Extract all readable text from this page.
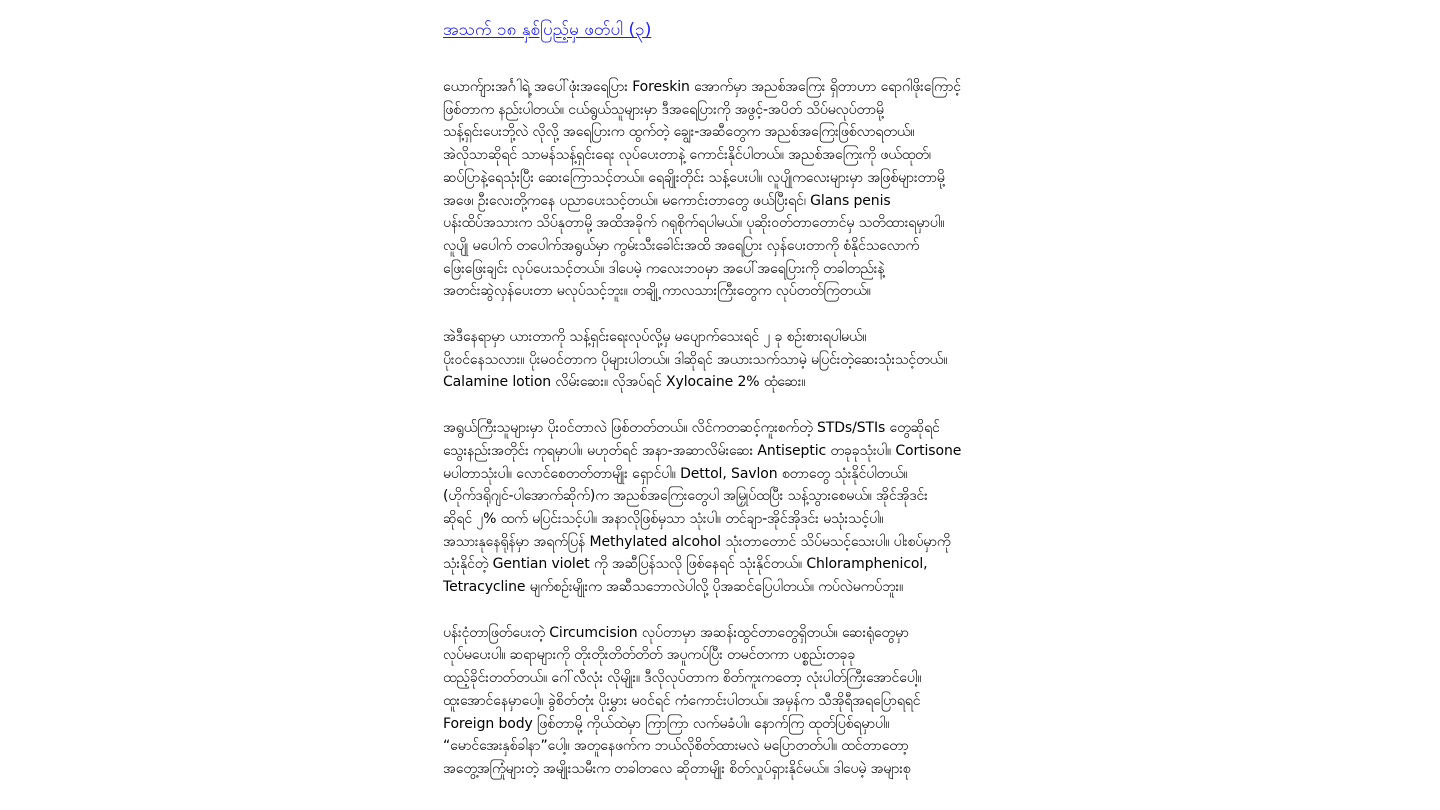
အသက် ၁၈ နှစ်ပြည့်မှ ဖတ်ပါ (၃)
ယောက်ျားအင်္ဂါရဲ့ အပေါ်ဖုံးအရေပြား Foreskin အောက်မှာ အညစ်အကြေး ရှိတာဟာ ရောဂါဖိုးကြောင့်
ဖြစ်တာက နည်းပါတယ်။ ငယ်ရွယ်သူများမှာ ဒီအရေပြားကို အဖွင့်-အပိတ် သိပ်မလုပ်တာမို့
သန့်ရှင်းပေးဘို့လဲ လိုလို့ အရေပြားက ထွက်တဲ့ ချွေး-အဆီတွေက အညစ်အကြေးဖြစ်လာရတယ်။
အဲလိုသာဆိုရင် သာမန်သန့်ရှင်းရေး လုပ်ပေးတာနဲ့ ကောင်းနိုင်ပါတယ်။ အညစ်အကြေးကို ဖယ်ထုတ်၊
ဆပ်ပြာနဲ့ရေသုံးပြီး ဆေးကြောသင့်တယ်။ ရေချိုးတိုင်း သန့်ပေးပါ။ လူပျိုကလေးများမှာ အဖြစ်များတာမို့
အဖေ၊ ဦးလေးတို့ကနေ ပညာပေးသင့်တယ်။ မကောင်းတာတွေ ဖယ်ပြီးရင်၊ Glans penis
ပန်းထိပ်အသားက သိပ်နုတာမို့ အထိအခိုက် ဂရုစိုက်ရပါမယ်။ ပုဆိုးဝတ်တာတောင်မှ သတိထားရမှာပါ။
လူပျို မပေါက် တပေါက်အရွယ်မှာ ကွမ်းသီးခေါင်းအထိ အရေပြား လှန်ပေးတာကို စံနိုင်သလောက်
ဖြေးဖြေးချင်း လုပ်ပေးသင့်တယ်။ ဒါပေမဲ့ ကလေးဘဝမှာ အပေါ်အရေပြားကို တခါတည်းနဲ့
အတင်းဆွဲလှန်ပေးတာ မလုပ်သင့်ဘူး။ တချို့ ကာလသားကြီးတွေက လုပ်တတ်ကြတယ်။
အဲဒီနေရာမှာ ယားတာကို သန့်ရှင်းရေးလုပ်လို့မှ မပျောက်သေးရင် ၂ ခု စဉ်းစားရပါမယ်။
ပိုးဝင်နေသလား။ ပိုးမဝင်တာက ပိုများပါတယ်။ ဒါဆိုရင် အယားသက်သာမဲ့ မပြင်းတဲ့ဆေးသုံးသင့်တယ်။
Calamine lotion လိမ်းဆေး။ လိုအပ်ရင် Xylocaine 2% ထုံဆေး။
အရွယ်ကြီးသူများမှာ ပိုးဝင်တာလဲ ဖြစ်တတ်တယ်။ လိင်ကတဆင့်ကူးစက်တဲ့ STDs/STIs တွေဆိုရင်
သွေးနည်းအတိုင်း ကုရမှာပါ။ မဟုတ်ရင် အနာ-အဆာလိမ်းဆေး Antiseptic တခုခုသုံးပါ။ Cortisone
မပါတာသုံးပါ။ လောင်စေတတ်တာမျိုး ရှောင်ပါ။ Dettol, Savlon စတာတွေ သုံးနိုင်ပါတယ်။
(ဟိုက်ဒရိုဂျင်-ပါအောက်ဆိုက်)က အညစ်အကြေးတွေပါ အမြှုပ်ထပြီး သန့်သွားစေမယ်။ အိုင်အိုဒင်း
ဆိုရင် ၂% ထက် မပြင်းသင့်ပါ။ အနာလိုဖြစ်မှသာ သုံးပါ။ တင်ချာ-အိုင်အိုဒင်း မသုံးသင့်ပါ။
အသားနုနေရိုန်မှာ အရက်ပြန် Methylated alcohol သုံးတာတောင် သိပ်မသင့်သေးပါ။ ပါးစပ်မှာကို
သုံးနိုင်တဲ့ Gentian violet ကို အဆီပြန်သလို ဖြစ်နေရင် သုံးနိုင်တယ်။ Chloramphenicol,
Tetracycline မျက်စဉ်းမျိုးက အဆီသဘောလဲပါလို့ ပိုအဆင်ပြေပါတယ်။ ကပ်လဲမကပ်ဘူး။
ပန်းငုံတာဖြတ်ပေးတဲ့ Circumcision လုပ်တာမှာ အဆန်းထွင်တာတွေရှိတယ်။ ဆေးရုံတွေမှာ
လုပ်မပေးပါ။ ဆရာများကို တိုးတိုးတိတ်တိတ် အပူကပ်ပြီး တမင်တကာ ပစ္စည်းတခုခု
ထည့်ခိုင်းတတ်တယ်။ ဂေါ်လီလုံး လိုမျိုး။ ဒီလိုလုပ်တာက စိတ်ကူးကတော့ လုံးပါတ်ကြီးအောင်ပေါ့။
ထူးအောင်နေမှာပေါ့။ ခွဲစိတ်တုံး ပိုးမွှား မဝင်ရင် ကံကောင်းပါတယ်။ အမှန်က သီအိုရီအရပြောရရင်
Foreign body ဖြစ်တာမို့ ကိုယ်ထဲမှာ ကြာကြာ လက်မခံပါ။ နောက်ကြ ထုတ်ပြစ်ရမှာပါ။
“မောင်အေးနှစ်ခါနာ”ပေါ့။ အတူနေဖက်က ဘယ်လိုစိတ်ထားမလဲ မပြောတတ်ပါ။ ထင်တာတော့
အတွေ့အကြုံများတဲ့ အမျိုးသမီးက တခါတလေ ဆိုတာမျိုး စိတ်လှုပ်ရှားနိုင်မယ်။ ဒါပေမဲ့ အများစု
